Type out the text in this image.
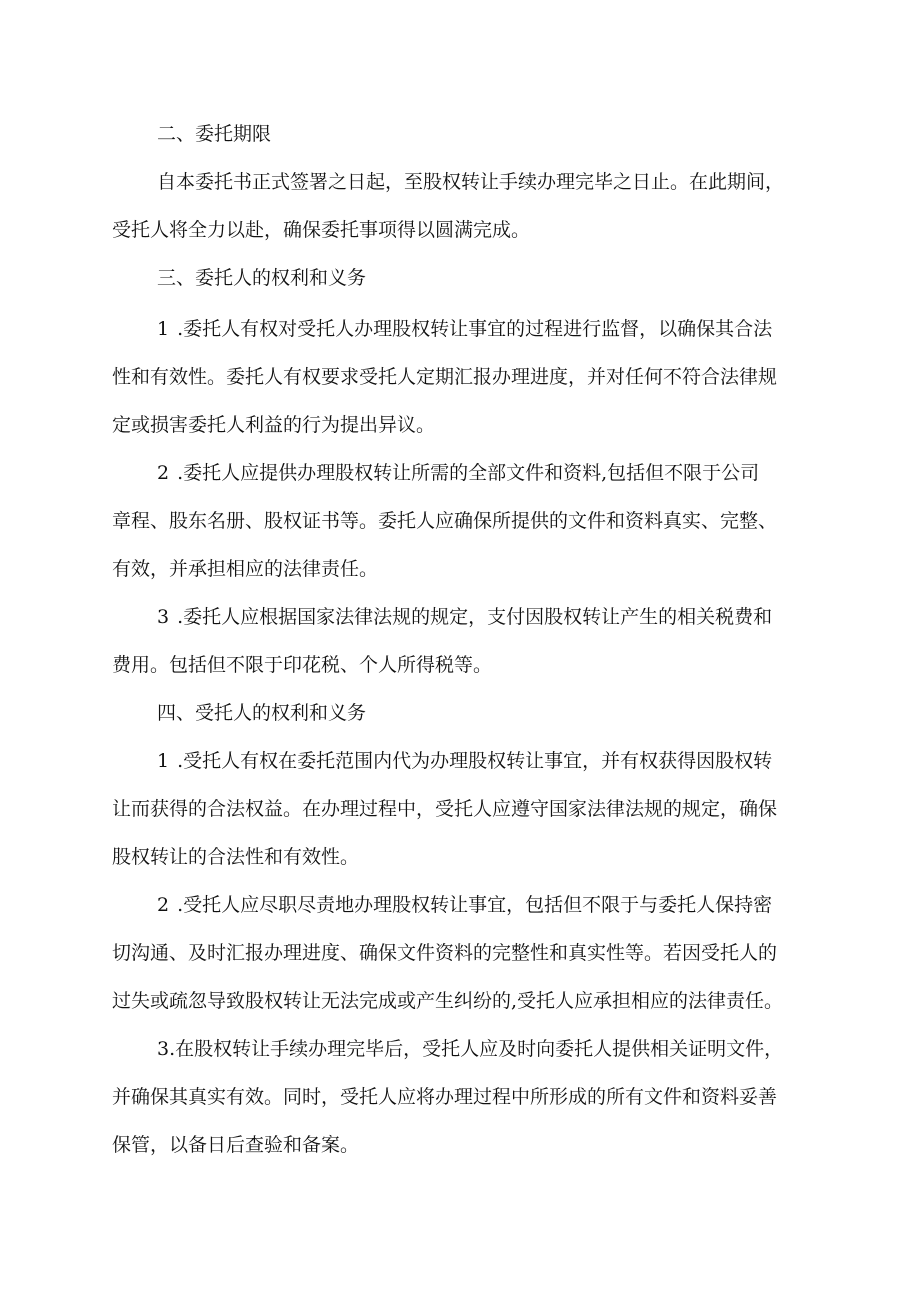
二、委托期限
自本委托书正式签署之日起，至股权转让手续办理完毕之日止。在此期间，
受托人将全力以赴，确保委托事项得以圆满完成。
三、委托人的权利和义务
1 .委托人有权对受托人办理股权转让事宜的过程进行监督，以确保其合法
性和有效性。委托人有权要求受托人定期汇报办理进度，并对任何不符合法律规
定或损害委托人利益的行为提出异议。
2 .委托人应提供办理股权转让所需的全部文件和资料,包括但不限于公司
章程、股东名册、股权证书等。委托人应确保所提供的文件和资料真实、完整、
有效，并承担相应的法律责任。
3 .委托人应根据国家法律法规的规定，支付因股权转让产生的相关税费和
费用。包括但不限于印花税、个人所得税等。
四、受托人的权利和义务
1 .受托人有权在委托范围内代为办理股权转让事宜，并有权获得因股权转
让而获得的合法权益。在办理过程中，受托人应遵守国家法律法规的规定，确保
股权转让的合法性和有效性。
2 .受托人应尽职尽责地办理股权转让事宜，包括但不限于与委托人保持密
切沟通、及时汇报办理进度、确保文件资料的完整性和真实性等。若因受托人的
过失或疏忽导致股权转让无法完成或产生纠纷的,受托人应承担相应的法律责任。
3.在股权转让手续办理完毕后，受托人应及时向委托人提供相关证明文件，
并确保其真实有效。同时，受托人应将办理过程中所形成的所有文件和资料妥善
保管，以备日后查验和备案。
